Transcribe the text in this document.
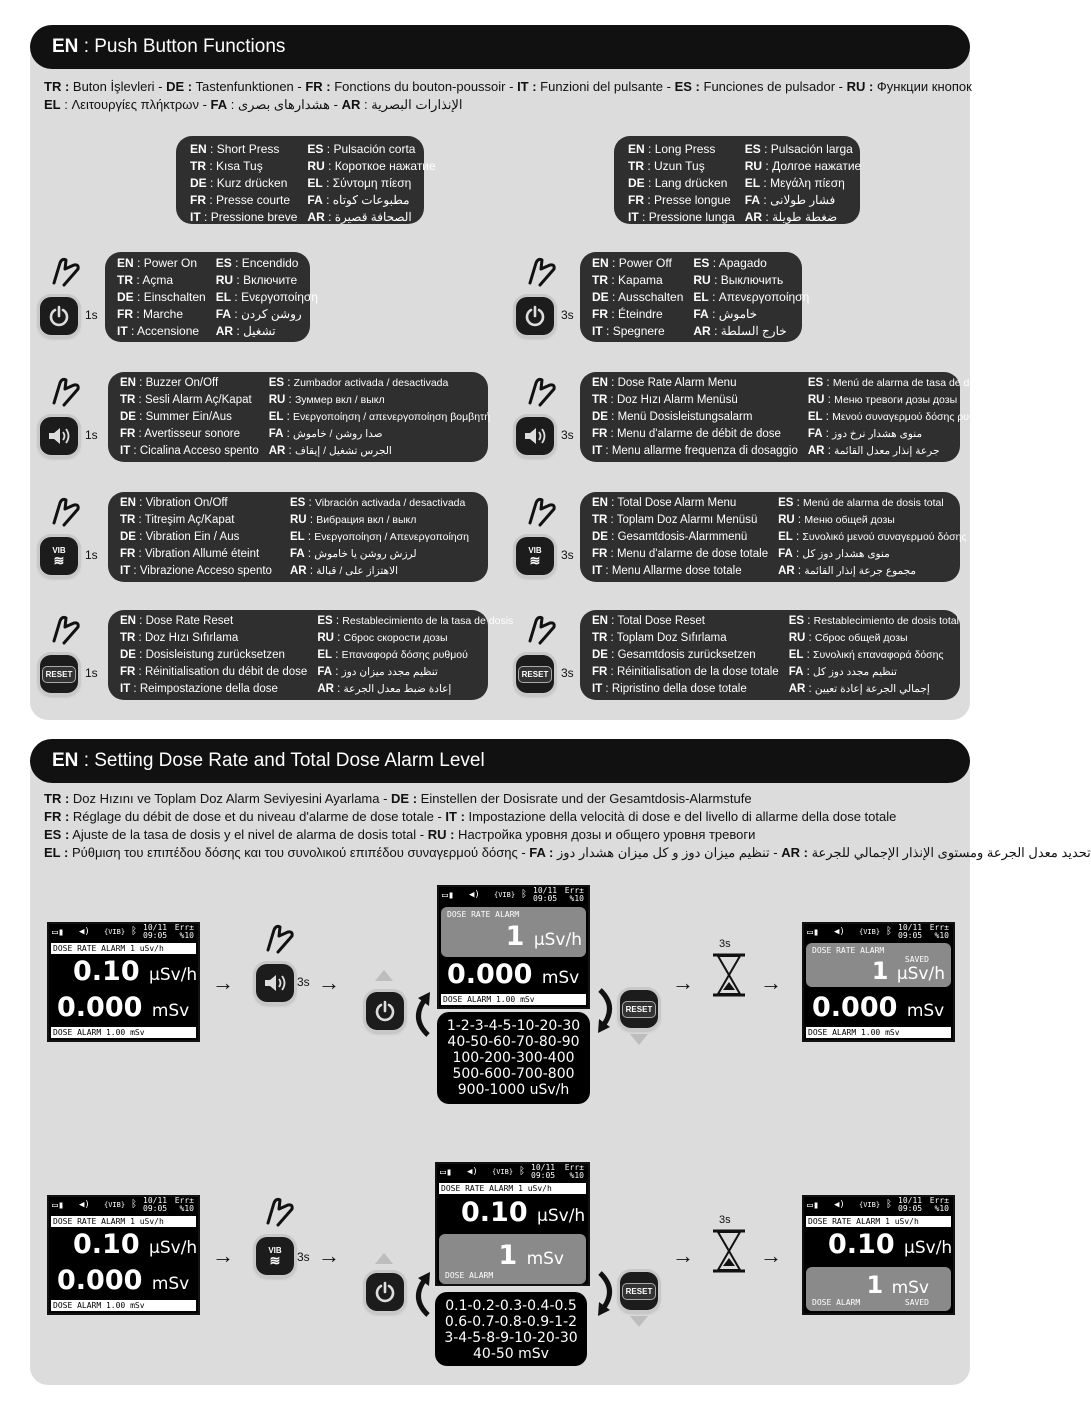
EN : Push Button Functions
TR : Buton İşlevleri - DE : Tastenfunktionen - FR : Fonctions du bouton-poussoir - IT : Funzioni del pulsante - ES : Funciones de pulsador - RU : Функции кнопок
EL : Λειτουργίες πλήκτρων - FA : هشدارهای بصری - AR : الإنذارات البصرية
EN : Short Press	ES : Pulsación corta
TR : Kısa Tuş	RU : Короткое нажатие
DE : Kurz drücken	EL : Σύντομη πίεση
FR : Presse courte	FA : مطبوعات کوتاه
IT : Pressione breve	AR : الصحافة قصيرة
EN : Long Press	ES : Pulsación larga
TR : Uzun Tuş	RU : Долгое нажатие
DE : Lang drücken	EL : Μεγάλη πίεση
FR : Presse longue	FA : فشار طولانی
IT : Pressione lunga	AR : ضغطة طويلة
1s
EN : Power On	ES : Encendido
TR : Açma	RU : Включите
DE : Einschalten	EL : Ενεργοποίηση
FR : Marche	FA : روشن کردن
IT : Accensione	AR : تشغيل
3s
EN : Power Off	ES : Apagado
TR : Kapama	RU : Выключить
DE : Ausschalten	EL : Απενεργοποίηση
FR : Éteindre	FA : خاموش
IT : Spegnere	AR : خارج السلطة
1s
EN : Buzzer On/Off	ES : Zumbador activada / desactivada
TR : Sesli Alarm Aç/Kapat	RU : Зуммер вкл / выкл
DE : Summer Ein/Aus	EL : Ενεργοποίηση / απενεργοποίηση βομβητή
FR : Avertisseur sonore	FA : صدا روشن / خاموش
IT : Cicalina Acceso spento	AR : الجرس تشغيل / إيقاف
3s
EN : Dose Rate Alarm Menu	ES : Menú de alarma de tasa de dosis
TR : Doz Hızı Alarm Menüsü	RU : Меню тревоги дозы дозы
DE : Menü Dosisleistungsalarm	EL : Μενού συναγερμού δόσης ρυθμού δόσης
FR : Menu d'alarme de débit de dose	FA : منوی هشدار نرخ دوز
IT : Menu allarme frequenza di dosaggio	AR : جرعة إنذار معدل القائمة
VIB
≋ 1s
EN : Vibration On/Off	ES : Vibración activada / desactivada
TR : Titreşim Aç/Kapat	RU : Вибрация вкл / выкл
DE : Vibration Ein / Aus	EL : Ενεργοποίηση / Απενεργοποίηση
FR : Vibration Allumé éteint	FA : لرزش روشن یا خاموش
IT : Vibrazione Acceso spento	AR : الاهتزاز على / قبالة
VIB
≋ 3s
EN : Total Dose Alarm Menu	ES : Menú de alarma de dosis total
TR : Toplam Doz Alarmı Menüsü	RU : Меню общей дозы
DE : Gesamtdosis-Alarmmenü	EL : Συνολικό μενού συναγερμού δόσης
FR : Menu d'alarme de dose totale	FA : منوی هشدار دوز کل
IT : Menu Allarme dose totale	AR : مجموع جرعة إنذار القائمة
RESET	1s
EN : Dose Rate Reset	ES : Restablecimiento de la tasa de dosis
TR : Doz Hızı Sıfırlama	RU : Сброс скорости дозы
DE : Dosisleistung zurücksetzen	EL : Επαναφορά δόσης ρυθμού
FR : Réinitialisation du débit de dose	FA : تنظیم مجدد میزان دوز
IT : Reimpostazione della dose	AR : إعادة ضبط معدل الجرعة
RESET	3s
EN : Total Dose Reset	ES : Restablecimiento de dosis total
TR : Toplam Doz Sıfırlama	RU : Сброс общей дозы
DE : Gesamtdosis zurücksetzen	EL : Συνολική επαναφορά δόσης
FR : Réinitialisation de la dose totale	FA : تنظیم مجدد دوز کل
IT : Ripristino della dose totale	AR : إجمالي الجرعة إعادة تعيين
EN : Setting Dose Rate and Total Dose Alarm Level
TR : Doz Hızını ve Toplam Doz Alarm Seviyesini Ayarlama - DE : Einstellen der Dosisrate und der Gesamtdosis-Alarmstufe
FR : Réglage du débit de dose et du niveau d'alarme de dose totale - IT : Impostazione della velocità di dose e del livello di allarme della dose totale
ES : Ajuste de la tasa de dosis y el nivel de alarma de dosis total - RU : Настройка уровня дозы и общего уровня тревоги
EL : Ρύθμιση του επιπέδου δόσης και του συνολικού επιπέδου συναγερμού δόσης - FA : تنظیم میزان دوز و کل میزان هشدار دوز - AR : تحديد معدل الجرعة ومستوى الإنذار الإجمالي للجرعة
▭▮ ◀) {VIB} ᛒ 10/11
09:05
Err±
%10
DOSE RATE ALARM 1 uSv/h
0.10 µSv/h
0.000 mSv
DOSE ALARM 1.00 mSv
→	3s →
▭▮ ◀) {VIB} ᛒ 10/11
09:05
Err±
%10
DOSE RATE ALARM
1 µSv/h
0.000 mSv
DOSE ALARM 1.00 mSv
1-2-3-4-5-10-20-30
40-50-60-70-80-90
100-200-300-400
500-600-700-800
900-1000 uSv/h
RESET
→
3s
→
▭▮ ◀) {VIB} ᛒ 10/11
09:05
Err±
%10
DOSE RATE ALARM
SAVED
1 µSv/h
0.000 mSv
DOSE ALARM 1.00 mSv
▭▮ ◀) {VIB} ᛒ 10/11
09:05
Err±
%10
DOSE RATE ALARM 1 uSv/h
0.10 µSv/h
0.000 mSv
DOSE ALARM 1.00 mSv
→	VIB
≋ 3s →
▭▮ ◀) {VIB} ᛒ 10/11
09:05
Err±
%10
DOSE RATE ALARM 1 uSv/h
0.10 µSv/h
DOSE ALARM
1 mSv
0.1-0.2-0.3-0.4-0.5
0.6-0.7-0.8-0.9-1-2
3-4-5-8-9-10-20-30
40-50 mSv
RESET
→
3s
→
▭▮ ◀) {VIB} ᛒ 10/11
09:05
Err±
%10
DOSE RATE ALARM 1 uSv/h
0.10 µSv/h
DOSE ALARM	SAVED
1 mSv
